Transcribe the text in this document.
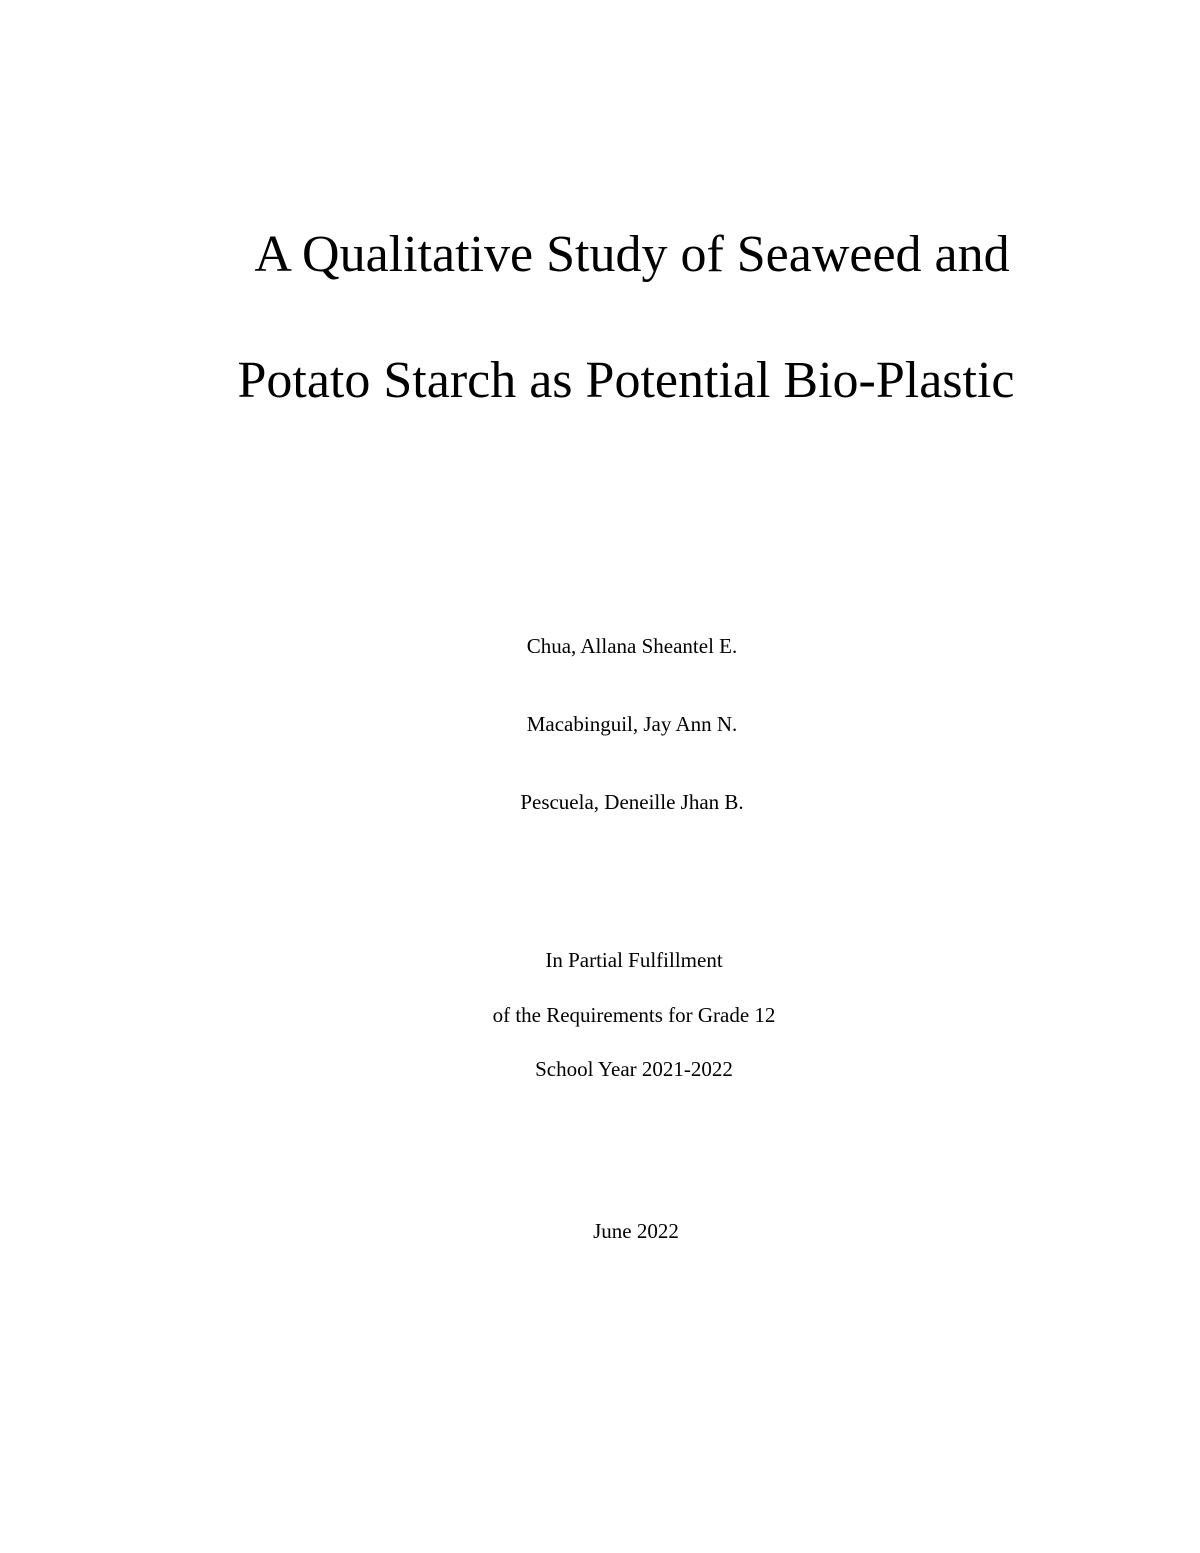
A Qualitative Study of Seaweed and
Potato Starch as Potential Bio-Plastic
Chua, Allana Sheantel E.
Macabinguil, Jay Ann N.
Pescuela, Deneille Jhan B.
In Partial Fulfillment
of the Requirements for Grade 12
School Year 2021-2022
June 2022
